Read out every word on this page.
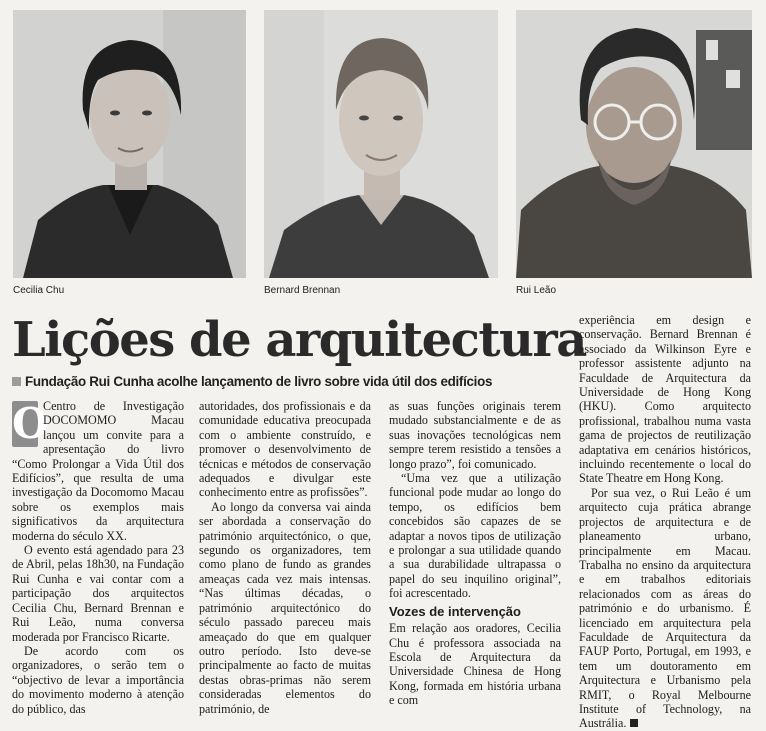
Cecilia Chu	Bernard Brennan	Rui Leão
Lições de arquitectura
Fundação Rui Cunha acolhe lançamento de livro sobre vida útil dos edifícios

O
Centro de Investigação DOCOMOMO Macau lançou um convite para a apresentação do livro “Como Prolongar a Vida Útil dos Edifícios”, que resulta de uma investigação da Docomomo Macau sobre os exemplos mais significativos da arquitectura moderna do século XX.

O evento está agendado para 23 de Abril, pelas 18h30, na Fundação Rui Cunha e vai contar com a participação dos arquitectos Cecilia Chu, Bernard Brennan e Rui Leão, numa conversa moderada por Francisco Ricarte.

De acordo com os organizadores, o serão tem o “objectivo de levar a importância do movimento moderno à atenção do público, das

autoridades, dos profissionais e da comunidade educativa preocupada com o ambiente construído, e promover o desenvolvimento de técnicas e métodos de conservação adequados e divulgar este conhecimento entre as profissões”.

Ao longo da conversa vai ainda ser abordada a conservação do património arquitectónico, o que, segundo os organizadores, tem como plano de fundo as grandes ameaças cada vez mais intensas. “Nas últimas décadas, o património arquitectónico do século passado pareceu mais ameaçado do que em qualquer outro período. Isto deve-se principalmente ao facto de muitas destas obras-primas não serem consideradas elementos do património, de

as suas funções originais terem mudado substancialmente e de as suas inovações tecnológicas nem sempre terem resistido a tensões a longo prazo”, foi comunicado.

“Uma vez que a utilização funcional pode mudar ao longo do tempo, os edifícios bem concebidos são capazes de se adaptar a novos tipos de utilização e prolongar a sua utilidade quando a sua durabilidade ultrapassa o papel do seu inquilino original”, foi acrescentado.

Vozes de intervenção

Em relação aos oradores, Cecilia Chu é professora associada na Escola de Arquitectura da Universidade Chinesa de Hong Kong, formada em história urbana e com

experiência em design e conservação. Bernard Brennan é associado da Wilkinson Eyre e professor assistente adjunto na Faculdade de Arquitectura da Universidade de Hong Kong (HKU). Como arquitecto profissional, trabalhou numa vasta gama de projectos de reutilização adaptativa em cenários históricos, incluindo recentemente o local do State Theatre em Hong Kong.

Por sua vez, o Rui Leão é um arquitecto cuja prática abrange projectos de arquitectura e de planeamento urbano, principalmente em Macau. Trabalha no ensino da arquitectura e em trabalhos editoriais relacionados com as áreas do património e do urbanismo. É licenciado em arquitectura pela Faculdade de Arquitectura da FAUP Porto, Portugal, em 1993, e tem um doutoramento em Arquitectura e Urbanismo pela RMIT, o Royal Melbourne Institute of Technology, na Austrália.
